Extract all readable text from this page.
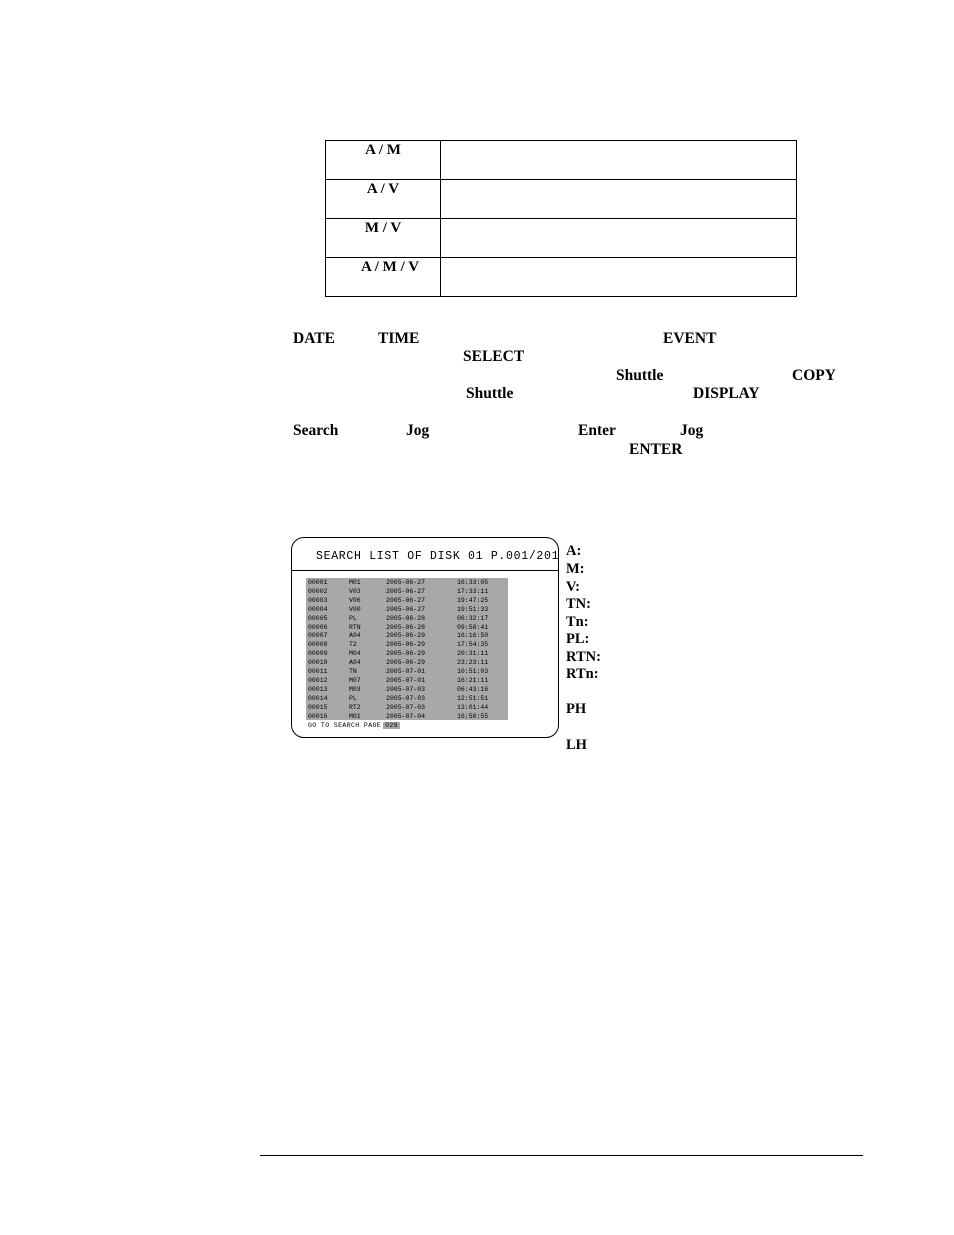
A / M	
A / V	
M / V	
A / M / V	
DATE	TIME	EVENT
SELECT
Shuttle	COPY
Shuttle	DISPLAY
Search	Jog	Enter	Jog
ENTER
SEARCH LIST OF DISK 01 P.001/201
00001	M01	2005-06-27	16:33:05
00002	V03	2005-06-27	17:33:11
00003	V06	2005-06-27	19:47:25
00004	V00	2005-06-27	19:51:33
00005	PL	2005-06-28	06:32:17
00006	RTN	2005-06-28	09:58:41
00007	A04	2005-06-29	16:16:50
00008	T2	2005-06-29	17:54:35
00009	M04	2005-06-29	20:31:11
00010	A04	2005-06-29	23:23:11
00011	TN	2005-07-01	10:51:03
00012	M07	2005-07-01	16:21:11
00013	M03	2005-07-03	06:43:16
00014	PL	2005-07-03	12:51:51
00015	RT2	2005-07-03	13:01:44
00016	M01	2005-07-04	16:50:55
GO TO SEARCH PAGE 029
A:
M:
V:
TN:
Tn:
PL:
RTN:
RTn:
PH
LH
